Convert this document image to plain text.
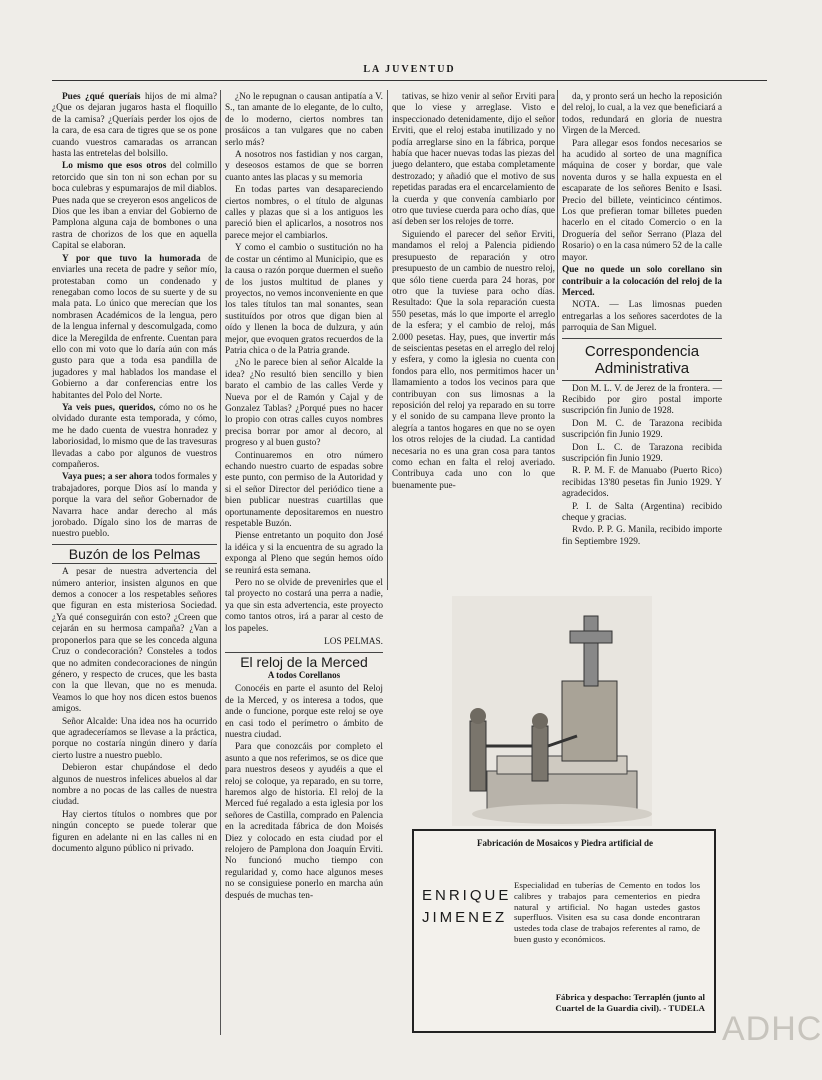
LA JUVENTUD

Pues ¿qué queríais hijos de mi alma? ¿Que os dejaran jugaros hasta el floquillo de la camisa? ¿Queríais perder los ojos de la cara, de esa cara de tigres que se os pone cuando vuestros camaradas os arrancan hasta las entretelas del bolsillo.

Lo mismo que esos otros del colmillo retorcido que sin ton ni son echan por su boca culebras y espumarajos de mil diablos. Pues nada que se creyeron esos angelicos de Dios que les iban a enviar del Gobierno de Pamplona alguna caja de bombones o una rastra de chorizos de los que en aquella Capital se elaboran.

Y por que tuvo la humorada de enviarles una receta de padre y señor mío, protestaban como un condenado y renegaban como locos de su suerte y de su mala pata. Lo único que merecían que los nombrasen Académicos de la lengua, pero de la lengua infernal y descomulgada, como dice la Meregilda de enfrente. Cuentan para ello con mi voto que lo daría aún con más gusto para que a toda esa pandilla de jugadores y mal hablados los mandase el Gobierno a dar conferencias entre los habitantes del Polo del Norte.

Ya veis pues, queridos, cómo no os he olvidado durante esta temporada, y cómo, me he dado cuenta de vuestra honradez y laboriosidad, lo mismo que de las travesuras llevadas a cabo por algunos de vuestros compañeros.

Vaya pues; a ser ahora todos formales y trabajadores, porque Dios así lo manda y porque la vara del señor Gobernador de Navarra hace andar derecho al más jorobado. Dígalo sino los de marras de nuestro pueblo.

Buzón de los Pelmas

A pesar de nuestra advertencia del número anterior, insisten algunos en que demos a conocer a los respetables señores que figuran en esta misteriosa Sociedad. ¿Ya qué conseguirán con esto? ¿Creen que cejarán en su hermosa campaña? ¿Van a proponerlos para que se les conceda alguna Cruz o condecoración? Consteles a todos que no admiten condecoraciones de ningún género, y respecto de cruces, que les basta con la que llevan, que no es menuda. Veamos lo que hoy nos dicen estos buenos amigos.

Señor Alcalde: Una idea nos ha ocurrido que agradeceríamos se llevase a la práctica, porque no costaría ningún dinero y daría cierto lustre a nuestro pueblo.

Debieron estar chupándose el dedo algunos de nuestros infelices abuelos al dar nombre a no pocas de las calles de nuestra ciudad.

Hay ciertos títulos o nombres que por ningún concepto se puede tolerar que figuren en adelante ni en las calles ni en documento alguno público ni privado.

¿No le repugnan o causan antipatía a V. S., tan amante de lo elegante, de lo culto, de lo moderno, ciertos nombres tan prosáicos a tan vulgares que no caben serlo más?

A nosotros nos fastidian y nos cargan, y deseosos estamos de que se borren cuanto antes las placas y su memoria

En todas partes van desapareciendo ciertos nombres, o el título de algunas calles y plazas que si a los antiguos les pareció bien el aplicarlos, a nosotros nos parece mejor el cambiarlos.

Y como el cambio o sustitución no ha de costar un céntimo al Municipio, que es la causa o razón porque duermen el sueño de los justos multitud de planes y proyectos, no vemos inconveniente en que los tales títulos tan mal sonantes, sean sustituídos por otros que digan bien al oído y llenen la boca de dulzura, y aún mejor, que evoquen gratos recuerdos de la Patria chica o de la Patria grande.

¿No le parece bien al señor Alcalde la idea? ¿No resultó bien sencillo y bien barato el cambio de las calles Verde y Nueva por el de Ramón y Cajal y de Gonzalez Tablas? ¿Porqué pues no hacer lo propio con otras calles cuyos nombres precisa borrar por amor al decoro, al progreso y al buen gusto?

Continuaremos en otro número echando nuestro cuarto de espadas sobre este punto, con permiso de la Autoridad y si el señor Director del periódico tiene a bien publicar nuestras cuartillas que oportunamente depositaremos en nuestro respetable Buzón.

Piense entretanto un poquito don José la idéica y si la encuentra de su agrado la exponga al Pleno que según hemos oído se reunirá esta semana.

Pero no se olvide de prevenirles que el tal proyecto no costará una perra a nadie, ya que sin esta advertencia, este proyecto como tantos otros, irá a parar al cesto de los papeles.

LOS PELMAS.

El reloj de la Merced

A todos Corellanos

Conocéis en parte el asunto del Reloj de la Merced, y os interesa a todos, que ande o funcione, porque este reloj se oye en casi todo el perímetro o ámbito de nuestra ciudad.

Para que conozcáis por completo el asunto a que nos referimos, se os dice que para nuestros deseos y ayudéis a que el reloj se coloque, ya reparado, en su torre, haremos algo de historia. El reloj de la Merced fué regalado a esta iglesia por los señores de Castilla, comprado en Palencia en la acreditada fábrica de don Moisés Diez y colocado en esta ciudad por el relojero de Pamplona don Joaquín Erviti. No funcionó mucho tiempo con regularidad y, como hace algunos meses no se consiguiese ponerlo en marcha aún después de muchas ten-

tativas, se hizo venir al señor Erviti para que lo viese y arreglase. Visto e inspeccionado detenidamente, dijo el señor Erviti, que el reloj estaba inutilizado y no podía arreglarse sino en la fábrica, porque había que hacer nuevas todas las piezas del juego delantero, que estaba completamente destrozado; y añadió que el motivo de sus repetidas paradas era el encarcelamiento de la cuerda y que convenía cambiarlo por otro que tuviese cuerda para ocho días, que así deben ser los relojes de torre.

Siguiendo el parecer del señor Erviti, mandamos el reloj a Palencia pidiendo presupuesto de reparación y otro presupuesto de un cambio de nuestro reloj, que sólo tiene cuerda para 24 horas, por otro que la tuviese para ocho días. Resultado: Que la sola reparación cuesta 550 pesetas, más lo que importe el arreglo de la esfera; y el cambio de reloj, más 2.000 pesetas. Hay, pues, que invertir más de seiscientas pesetas en el arreglo del reloj y esfera, y como la iglesia no cuenta con fondos para ello, nos permitimos hacer un llamamiento a todos los vecinos para que contribuyan con sus limosnas a la reposición del reloj ya reparado en su torre y el sonido de su campana lleve pronto la alegría a tantos hogares en que no se oyen los otros relojes de la ciudad. La cantidad necesaria no es una gran cosa para tantos como echan en falta el reloj averiado. Contribuya cada uno con lo que buenamente pue-

da, y pronto será un hecho la reposición del reloj, lo cual, a la vez que beneficiará a todos, redundará en gloria de nuestra Virgen de la Merced.

Para allegar esos fondos necesarios se ha acudido al sorteo de una magnífica máquina de coser y bordar, que vale noventa duros y se halla expuesta en el escaparate de los señores Benito e Isasi. Precio del billete, veinticinco céntimos. Los que prefieran tomar billetes pueden hacerlo en el citado Comercio o en la Droguería del señor Serrano (Plaza del Rosario) o en la casa número 52 de la calle mayor.

Que no quede un solo corellano sin contribuir a la colocación del reloj de la Merced.

NOTA. — Las limosnas pueden entregarlas a los señores sacerdotes de la parroquia de San Miguel.

Correspondencia Administrativa

Don M. L. V. de Jerez de la frontera. — Recibido por giro postal importe suscripción fin Junio de 1928.

Don M. C. de Tarazona recibida suscripción fin Junio 1929.

Don L. C. de Tarazona recibida suscripción fin Junio 1929.

R. P. M. F. de Manuabo (Puerto Rico) recibidas 13'80 pesetas fin Junio 1929. Y agradecidos.

P. I. de Salta (Argentina) recibido cheque y gracias.

Rvdo. P. P. G. Manila, recibido importe fin Septiembre 1929.

Fabricación de Mosaicos y Piedra artificial de
ENRIQUE
JIMENEZ
Especialidad en tuberías de Cemento en todos los calibres y trabajos para cementerios en piedra natural y artificial. No hagan ustedes gastos superfluos. Visiten esa su casa donde encontraran ustedes toda clase de trabajos referentes al ramo, de buen gusto y económicos.
Fábrica y despacho: Terraplén (junto al
Cuartel de la Guardia civil). - TUDELA
ADHC
